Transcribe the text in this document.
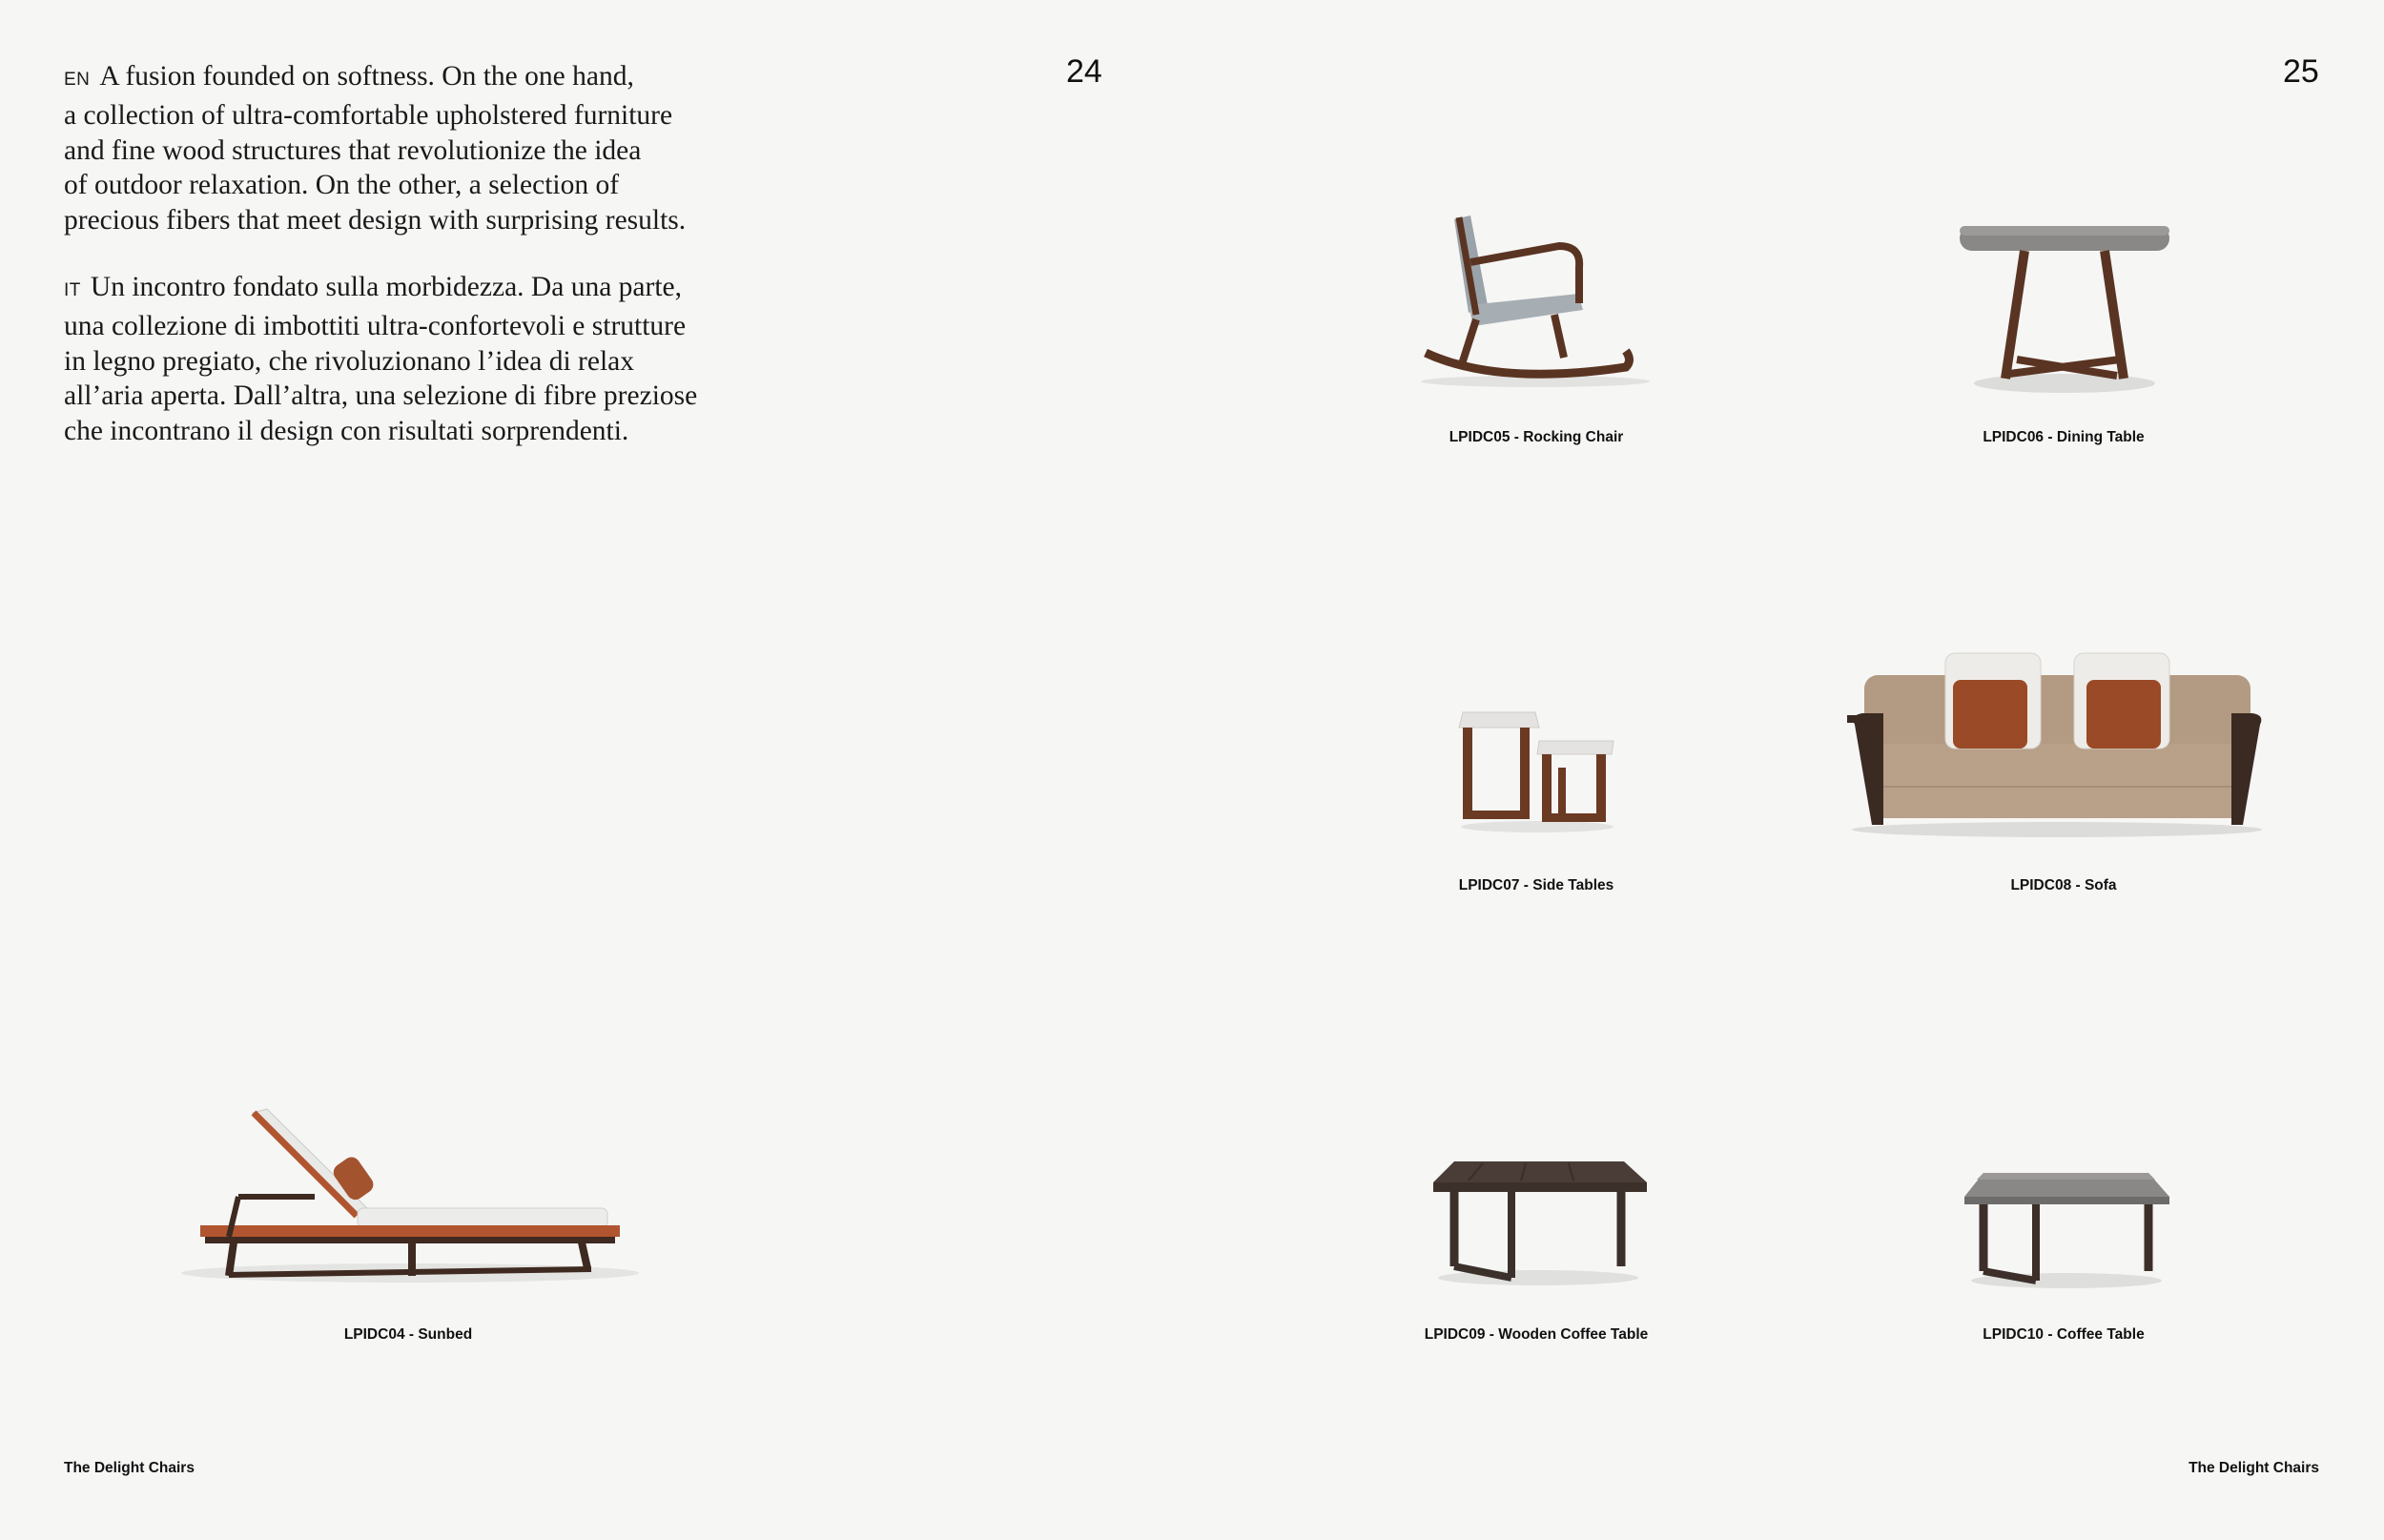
24	25
EN A fusion founded on softness. On the one hand,
a collection of ultra-comfortable upholstered furniture
and fine wood structures that revolutionize the idea
of outdoor relaxation. On the other, a selection of
precious fibers that meet design with surprising results.
IT Un incontro fondato sulla morbidezza. Da una parte,
una collezione di imbottiti ultra-confortevoli e strutture
in legno pregiato, che rivoluzionano l’idea di relax
all’aria aperta. Dall’altra, una selezione di fibre preziose
che incontrano il design con risultati sorprendenti.
LPIDC04 - Sunbed
LPIDC05 - Rocking Chair	LPIDC06 - Dining Table
LPIDC07 - Side Tables	LPIDC08 - Sofa
LPIDC09 - Wooden Coffee Table	LPIDC10 - Coffee Table
The Delight Chairs	The Delight Chairs
